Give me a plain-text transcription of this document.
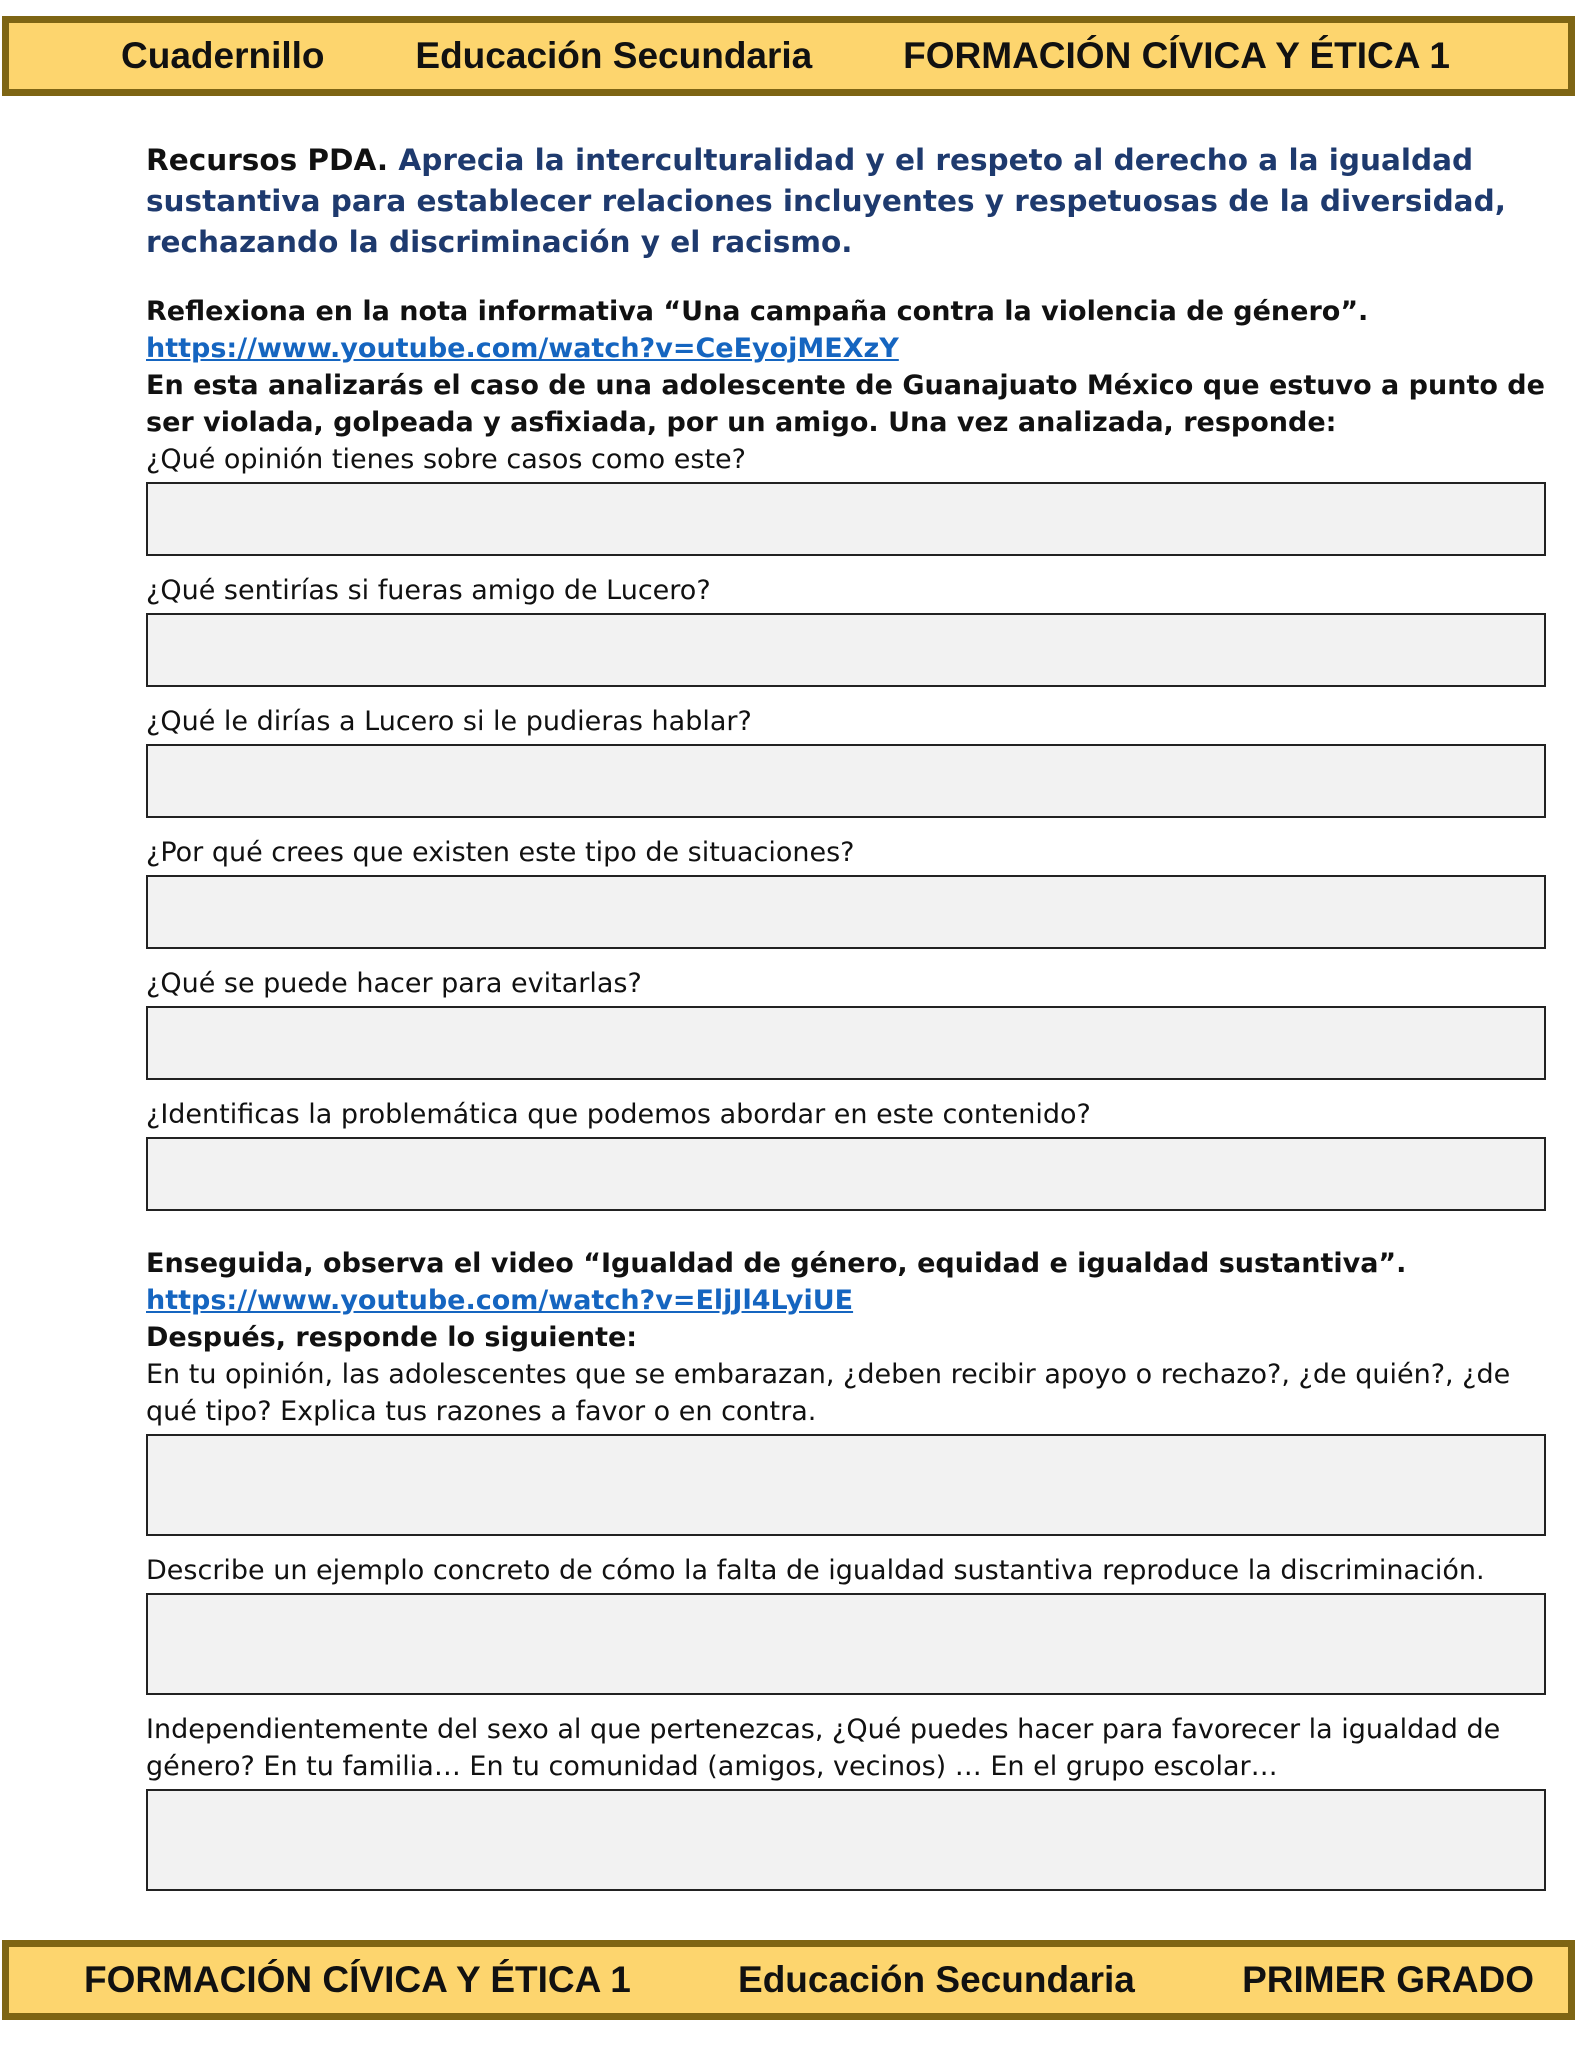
Cuadernillo Educación Secundaria FORMACIÓN CÍVICA Y ÉTICA 1

Recursos PDA. Aprecia la interculturalidad y el respeto al derecho a la igualdad sustantiva para establecer relaciones incluyentes y respetuosas de la diversidad, rechazando la discriminación y el racismo.

Reflexiona en la nota informativa “Una campaña contra la violencia de género”.

https://www.youtube.com/watch?v=CeEyojMEXzY

En esta analizarás el caso de una adolescente de Guanajuato México que estuvo a punto de ser violada, golpeada y asfixiada, por un amigo. Una vez analizada, responde:

¿Qué opinión tienes sobre casos como este?

¿Qué sentirías si fueras amigo de Lucero?

¿Qué le dirías a Lucero si le pudieras hablar?

¿Por qué crees que existen este tipo de situaciones?

¿Qué se puede hacer para evitarlas?

¿Identificas la problemática que podemos abordar en este contenido?

Enseguida, observa el video “Igualdad de género, equidad e igualdad sustantiva”.

https://www.youtube.com/watch?v=EljJl4LyiUE

Después, responde lo siguiente:

En tu opinión, las adolescentes que se embarazan, ¿deben recibir apoyo o rechazo?, ¿de quién?, ¿de qué tipo? Explica tus razones a favor o en contra.

Describe un ejemplo concreto de cómo la falta de igualdad sustantiva reproduce la discriminación.

Independientemente del sexo al que pertenezcas, ¿Qué puedes hacer para favorecer la igualdad de género? En tu familia… En tu comunidad (amigos, vecinos) … En el grupo escolar…

FORMACIÓN CÍVICA Y ÉTICA 1	Educación Secundaria	PRIMER GRADO
